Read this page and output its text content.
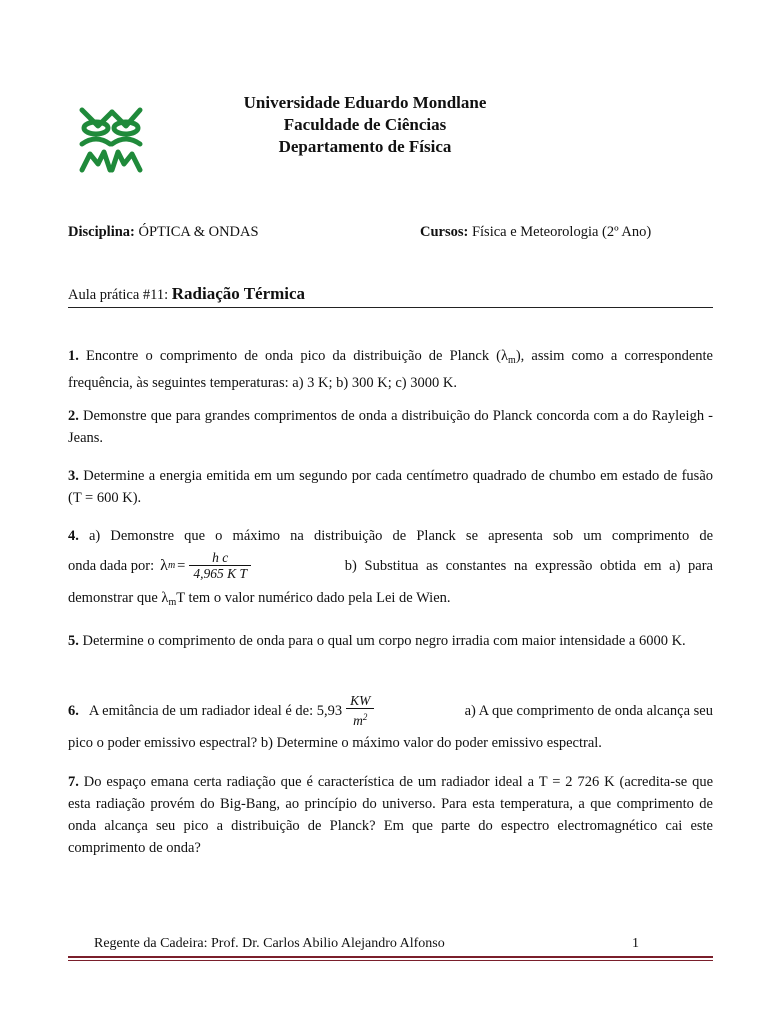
Universidade Eduardo Mondlane
Faculdade de Ciências
Departamento de Física
Disciplina: ÓPTICA & ONDAS	Cursos: Física e Meteorologia (2º Ano)
Aula prática #11: Radiação Térmica
1. Encontre o comprimento de onda pico da distribuição de Planck $(\lambda_m)$, assim como a correspondente frequência, às seguintes temperaturas: a) 3 K; b) 300 K; c) 3000 K.
2. Demonstre que para grandes comprimentos de onda a distribuição do Planck concorda com a do Rayleigh - Jeans.
3. Determine a energia emitida em um segundo por cada centímetro quadrado de chumbo em estado de fusão (T = 600 K).
4. a) Demonstre que o máximo na distribuição de Planck se apresenta sob um comprimento de
onda dada por: λ $m = \frac{\text{h c}}{\text{4,965 K T}}$	b) Substitua as constantes na expressão obtida em a) para
demonstrar que $\lambda_mT$ tem o valor numérico dado pela Lei de Wien.
5. Determine o comprimento de onda para o qual um corpo negro irradia com maior intensidade a 6000 K.
6. A emitância de um radiador ideal é de: $5,93 \frac{KW}{m^2}$	a) A que comprimento de onda alcança seu
pico o poder emissivo espectral? b) Determine o máximo valor do poder emissivo espectral.
7. Do espaço emana certa radiação que é característica de um radiador ideal a T = 2 726 K (acredita-se que esta radiação provém do Big-Bang, ao princípio do universo. Para esta temperatura, a que comprimento de onda alcança seu pico a distribuição de Planck? Em que parte do espectro electromagnético cai este comprimento de onda?
Regente da Cadeira: Prof. Dr. Carlos Abilio Alejandro Alfonso	1
